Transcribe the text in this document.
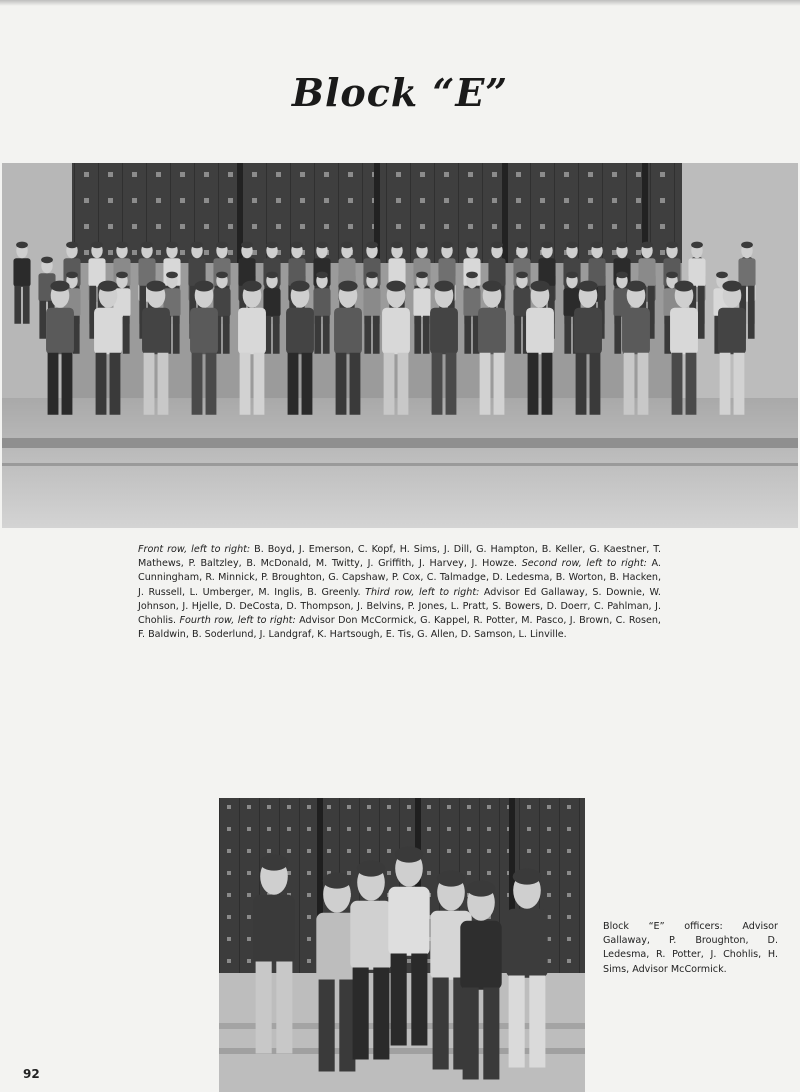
Block “E”
Front row, left to right: B. Boyd, J. Emerson, C. Kopf, H. Sims, J. Dill, G. Hampton, B. Keller, G. Kaestner, T. Mathews, P. Baltzley, B. McDonald, M. Twitty, J. Griffith, J. Harvey, J. Howze. Second row, left to right: A. Cunningham, R. Minnick, P. Broughton, G. Capshaw, P. Cox, C. Talmadge, D. Ledesma, B. Worton, B. Hacken, J. Russell, L. Umberger, M. Inglis, B. Greenly. Third row, left to right: Advisor Ed Gallaway, S. Downie, W. Johnson, J. Hjelle, D. DeCosta, D. Thompson, J. Belvins, P. Jones, L. Pratt, S. Bowers, D. Doerr, C. Pahlman, J. Chohlis. Fourth row, left to right: Advisor Don McCormick, G. Kappel, R. Potter, M. Pasco, J. Brown, C. Rosen, F. Baldwin, B. Soderlund, J. Landgraf, K. Hartsough, E. Tis, G. Allen, D. Samson, L. Linville.
Block “E” officers: Advisor Gallaway, P. Broughton, D. Ledesma, R. Potter, J. Chohlis, H. Sims, Advisor McCormick.
92
